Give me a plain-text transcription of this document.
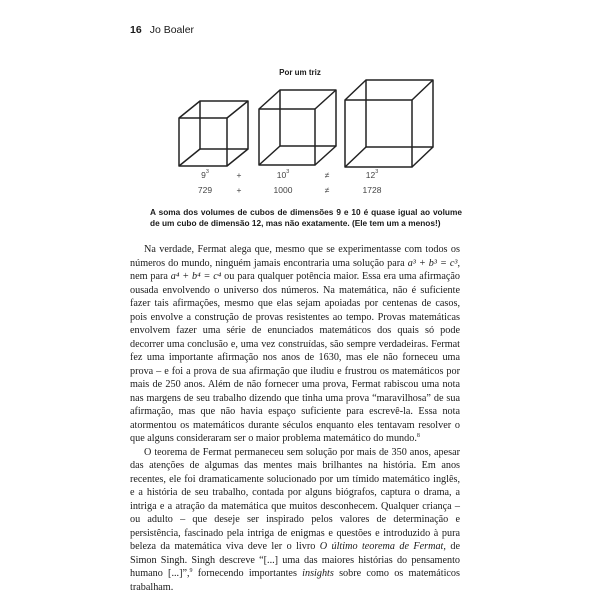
16 Jo Boaler
Por um triz
$9^3$	+	$10^3$	≠	$12^3$
729	+	1000	≠	1728
A soma dos volumes de cubos de dimensões 9 e 10 é quase igual ao volume de um cubo de dimensão 12, mas não exatamente. (Ele tem um a menos!)

Na verdade, Fermat alega que, mesmo que se experimentasse com todos os números do mundo, ninguém jamais encontraria uma solução para a³ + b³ = c³, nem para a⁴ + b⁴ = c⁴ ou para qualquer potência maior. Essa era uma afirmação ousada envolvendo o universo dos números. Na matemática, não é suficiente fazer tais afirmações, mesmo que elas sejam apoiadas por centenas de casos, pois envolve a construção de provas resistentes ao tempo. Provas matemáticas envolvem fazer uma série de enunciados matemáticos dos quais só pode decorrer uma conclusão e, uma vez construídas, são sempre verdadeiras. Fermat fez uma importante afirmação nos anos de 1630, mas ele não forneceu uma prova – e foi a prova de sua afirmação que iludiu e frustrou os matemáticos por mais de 250 anos. Além de não fornecer uma prova, Fermat rabiscou uma nota nas margens de seu trabalho dizendo que tinha uma prova “maravilhosa” de sua afirmação, mas que não havia espaço suficiente para escrevê-la. Essa nota atormentou os matemáticos durante séculos enquanto eles tentavam resolver o que alguns consideraram ser o maior problema matemático do mundo.$^8$

O teorema de Fermat permaneceu sem solução por mais de 350 anos, apesar das atenções de algumas das mentes mais brilhantes na história. Em anos recentes, ele foi dramaticamente solucionado por um tímido matemático inglês, e a história de seu trabalho, contada por alguns biógrafos, captura o drama, a intriga e a atração da matemática que muitos desconhecem. Qualquer criança – ou adulto – que deseje ser inspirado pelos valores de determinação e persistência, fascinado pela intriga de enigmas e questões e introduzido à pura beleza da matemática viva deve ler o livro O último teorema de Fermat, de Simon Singh. Singh descreve “[...] uma das maiores histórias do pensamento humano [...]”,$^9$ fornecendo importantes insights sobre como os matemáticos trabalham.
